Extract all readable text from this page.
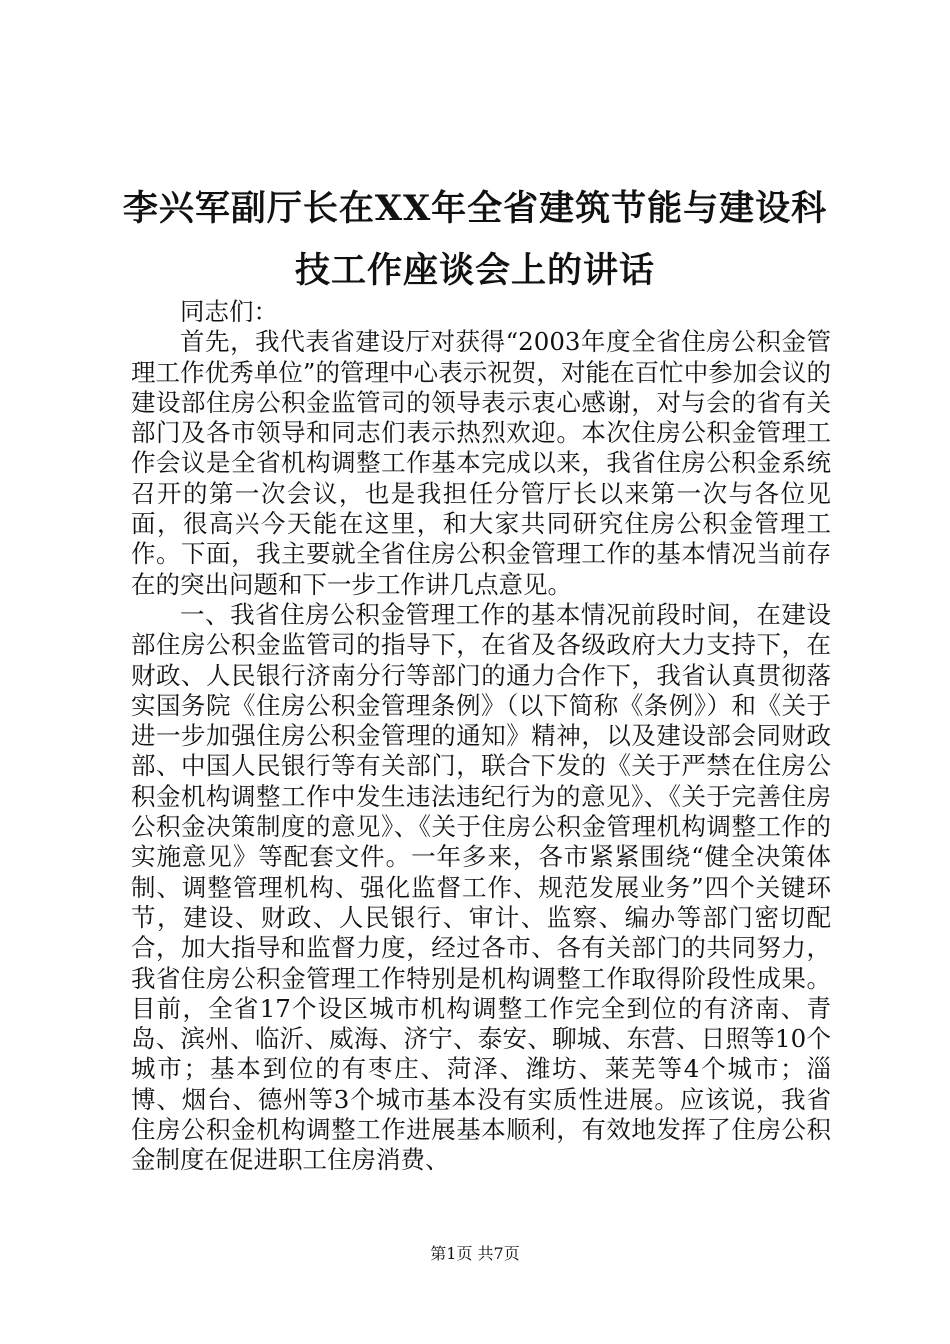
李兴军副厅长在XX年全省建筑节能与建设科技工作座谈会上的讲话

同志们：

首先，我代表省建设厅对获得“2003年度全省住房公积金管理工作优秀单位”的管理中心表示祝贺，对能在百忙中参加会议的建设部住房公积金监管司的领导表示衷心感谢，对与会的省有关部门及各市领导和同志们表示热烈欢迎。本次住房公积金管理工作会议是全省机构调整工作基本完成以来，我省住房公积金系统召开的第一次会议，也是我担任分管厅长以来第一次与各位见面，很高兴今天能在这里，和大家共同研究住房公积金管理工作。下面，我主要就全省住房公积金管理工作的基本情况当前存在的突出问题和下一步工作讲几点意见。

一、我省住房公积金管理工作的基本情况前段时间，在建设部住房公积金监管司的指导下，在省及各级政府大力支持下，在财政、人民银行济南分行等部门的通力合作下，我省认真贯彻落实国务院《住房公积金管理条例》（以下简称《条例》）和《关于进一步加强住房公积金管理的通知》精神，以及建设部会同财政部、中国人民银行等有关部门，联合下发的《关于严禁在住房公积金机构调整工作中发生违法违纪行为的意见》、《关于完善住房公积金决策制度的意见》、《关于住房公积金管理机构调整工作的实施意见》等配套文件。一年多来，各市紧紧围绕“健全决策体制、调整管理机构、强化监督工作、规范发展业务”四个关键环节，建设、财政、人民银行、审计、监察、编办等部门密切配合，加大指导和监督力度，经过各市、各有关部门的共同努力，我省住房公积金管理工作特别是机构调整工作取得阶段性成果。目前，全省17个设区城市机构调整工作完全到位的有济南、青岛、滨州、临沂、威海、济宁、泰安、聊城、东营、日照等10个城市；基本到位的有枣庄、菏泽、潍坊、莱芜等4个城市；淄博、烟台、德州等3个城市基本没有实质性进展。应该说，我省住房公积金机构调整工作进展基本顺利，有效地发挥了住房公积金制度在促进职工住房消费、

第1页 共7页
